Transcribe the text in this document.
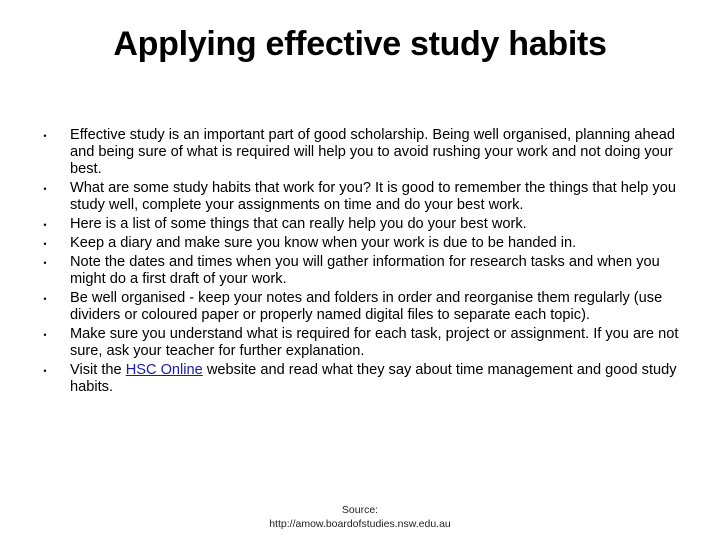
Applying effective study habits
• Effective study is an important part of good scholarship. Being well organised, planning ahead and being sure of what is required will help you to avoid rushing your work and not doing your best.
• What are some study habits that work for you? It is good to remember the things that help you study well, complete your assignments on time and do your best work.
• Here is a list of some things that can really help you do your best work.
• Keep a diary and make sure you know when your work is due to be handed in.
• Note the dates and times when you will gather information for research tasks and when you might do a first draft of your work.
• Be well organised - keep your notes and folders in order and reorganise them regularly (use dividers or coloured paper or properly named digital files to separate each topic).
• Make sure you understand what is required for each task, project or assignment. If you are not sure, ask your teacher for further explanation.
• Visit the HSC Online website and read what they say about time management and good study habits.
Source:
http://amow.boardofstudies.nsw.edu.au
